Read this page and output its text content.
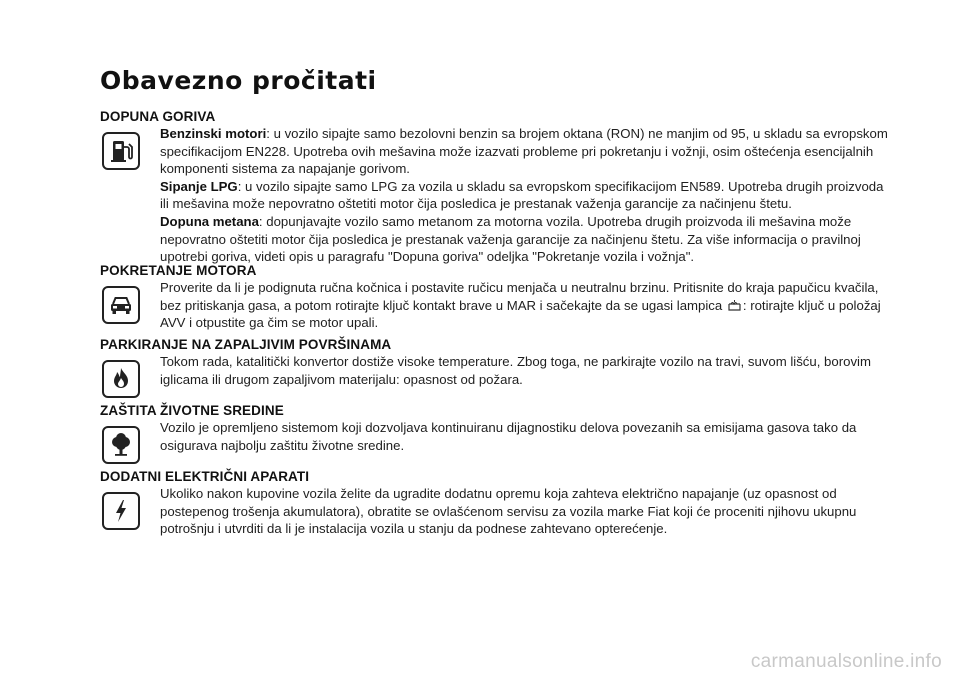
Obavezno pročitati
DOPUNA GORIVA

Benzinski motori: u vozilo sipajte samo bezolovni benzin sa brojem oktana (RON) ne manjim od 95, u skladu sa evropskom specifikacijom EN228. Upotreba ovih mešavina može izazvati probleme pri pokretanju i vožnji, osim oštećenja esencijalnih komponenti sistema za napajanje gorivom.

Sipanje LPG: u vozilo sipajte samo LPG za vozila u skladu sa evropskom specifikacijom EN589. Upotreba drugih proizvoda ili mešavina može nepovratno oštetiti motor čija posledica je prestanak važenja garancije za načinjenu štetu.

Dopuna metana: dopunjavajte vozilo samo metanom za motorna vozila. Upotreba drugih proizvoda ili mešavina može nepovratno oštetiti motor čija posledica je prestanak važenja garancije za načinjenu štetu. Za više informacija o pravilnoj upotrebi goriva, videti opis u paragrafu "Dopuna goriva" odeljka "Pokretanje vozila i vožnja".

POKRETANJE MOTORA

Proverite da li je podignuta ručna kočnica i postavite ručicu menjača u neutralnu brzinu. Pritisnite do kraja papučicu kvačila, bez pritiskanja gasa, a potom rotirajte ključ kontakt brave u MAR i sačekajte da se ugasi lampica : rotirajte ključ u položaj AVV i otpustite ga čim se motor upali.

PARKIRANJE NA ZAPALJIVIM POVRŠINAMA

Tokom rada, katalitički konvertor dostiže visoke temperature. Zbog toga, ne parkirajte vozilo na travi, suvom lišću, borovim iglicama ili drugom zapaljivom materijalu: opasnost od požara.

ZAŠTITA ŽIVOTNE SREDINE

Vozilo je opremljeno sistemom koji dozvoljava kontinuiranu dijagnostiku delova povezanih sa emisijama gasova tako da osigurava najbolju zaštitu životne sredine.

DODATNI ELEKTRIČNI APARATI

Ukoliko nakon kupovine vozila želite da ugradite dodatnu opremu koja zahteva električno napajanje (uz opasnost od postepenog trošenja akumulatora), obratite se ovlašćenom servisu za vozila marke Fiat koji će proceniti njihovu ukupnu potrošnju i utvrditi da li je instalacija vozila u stanju da podnese zahtevano opterećenje.

carmanualsonline.info
